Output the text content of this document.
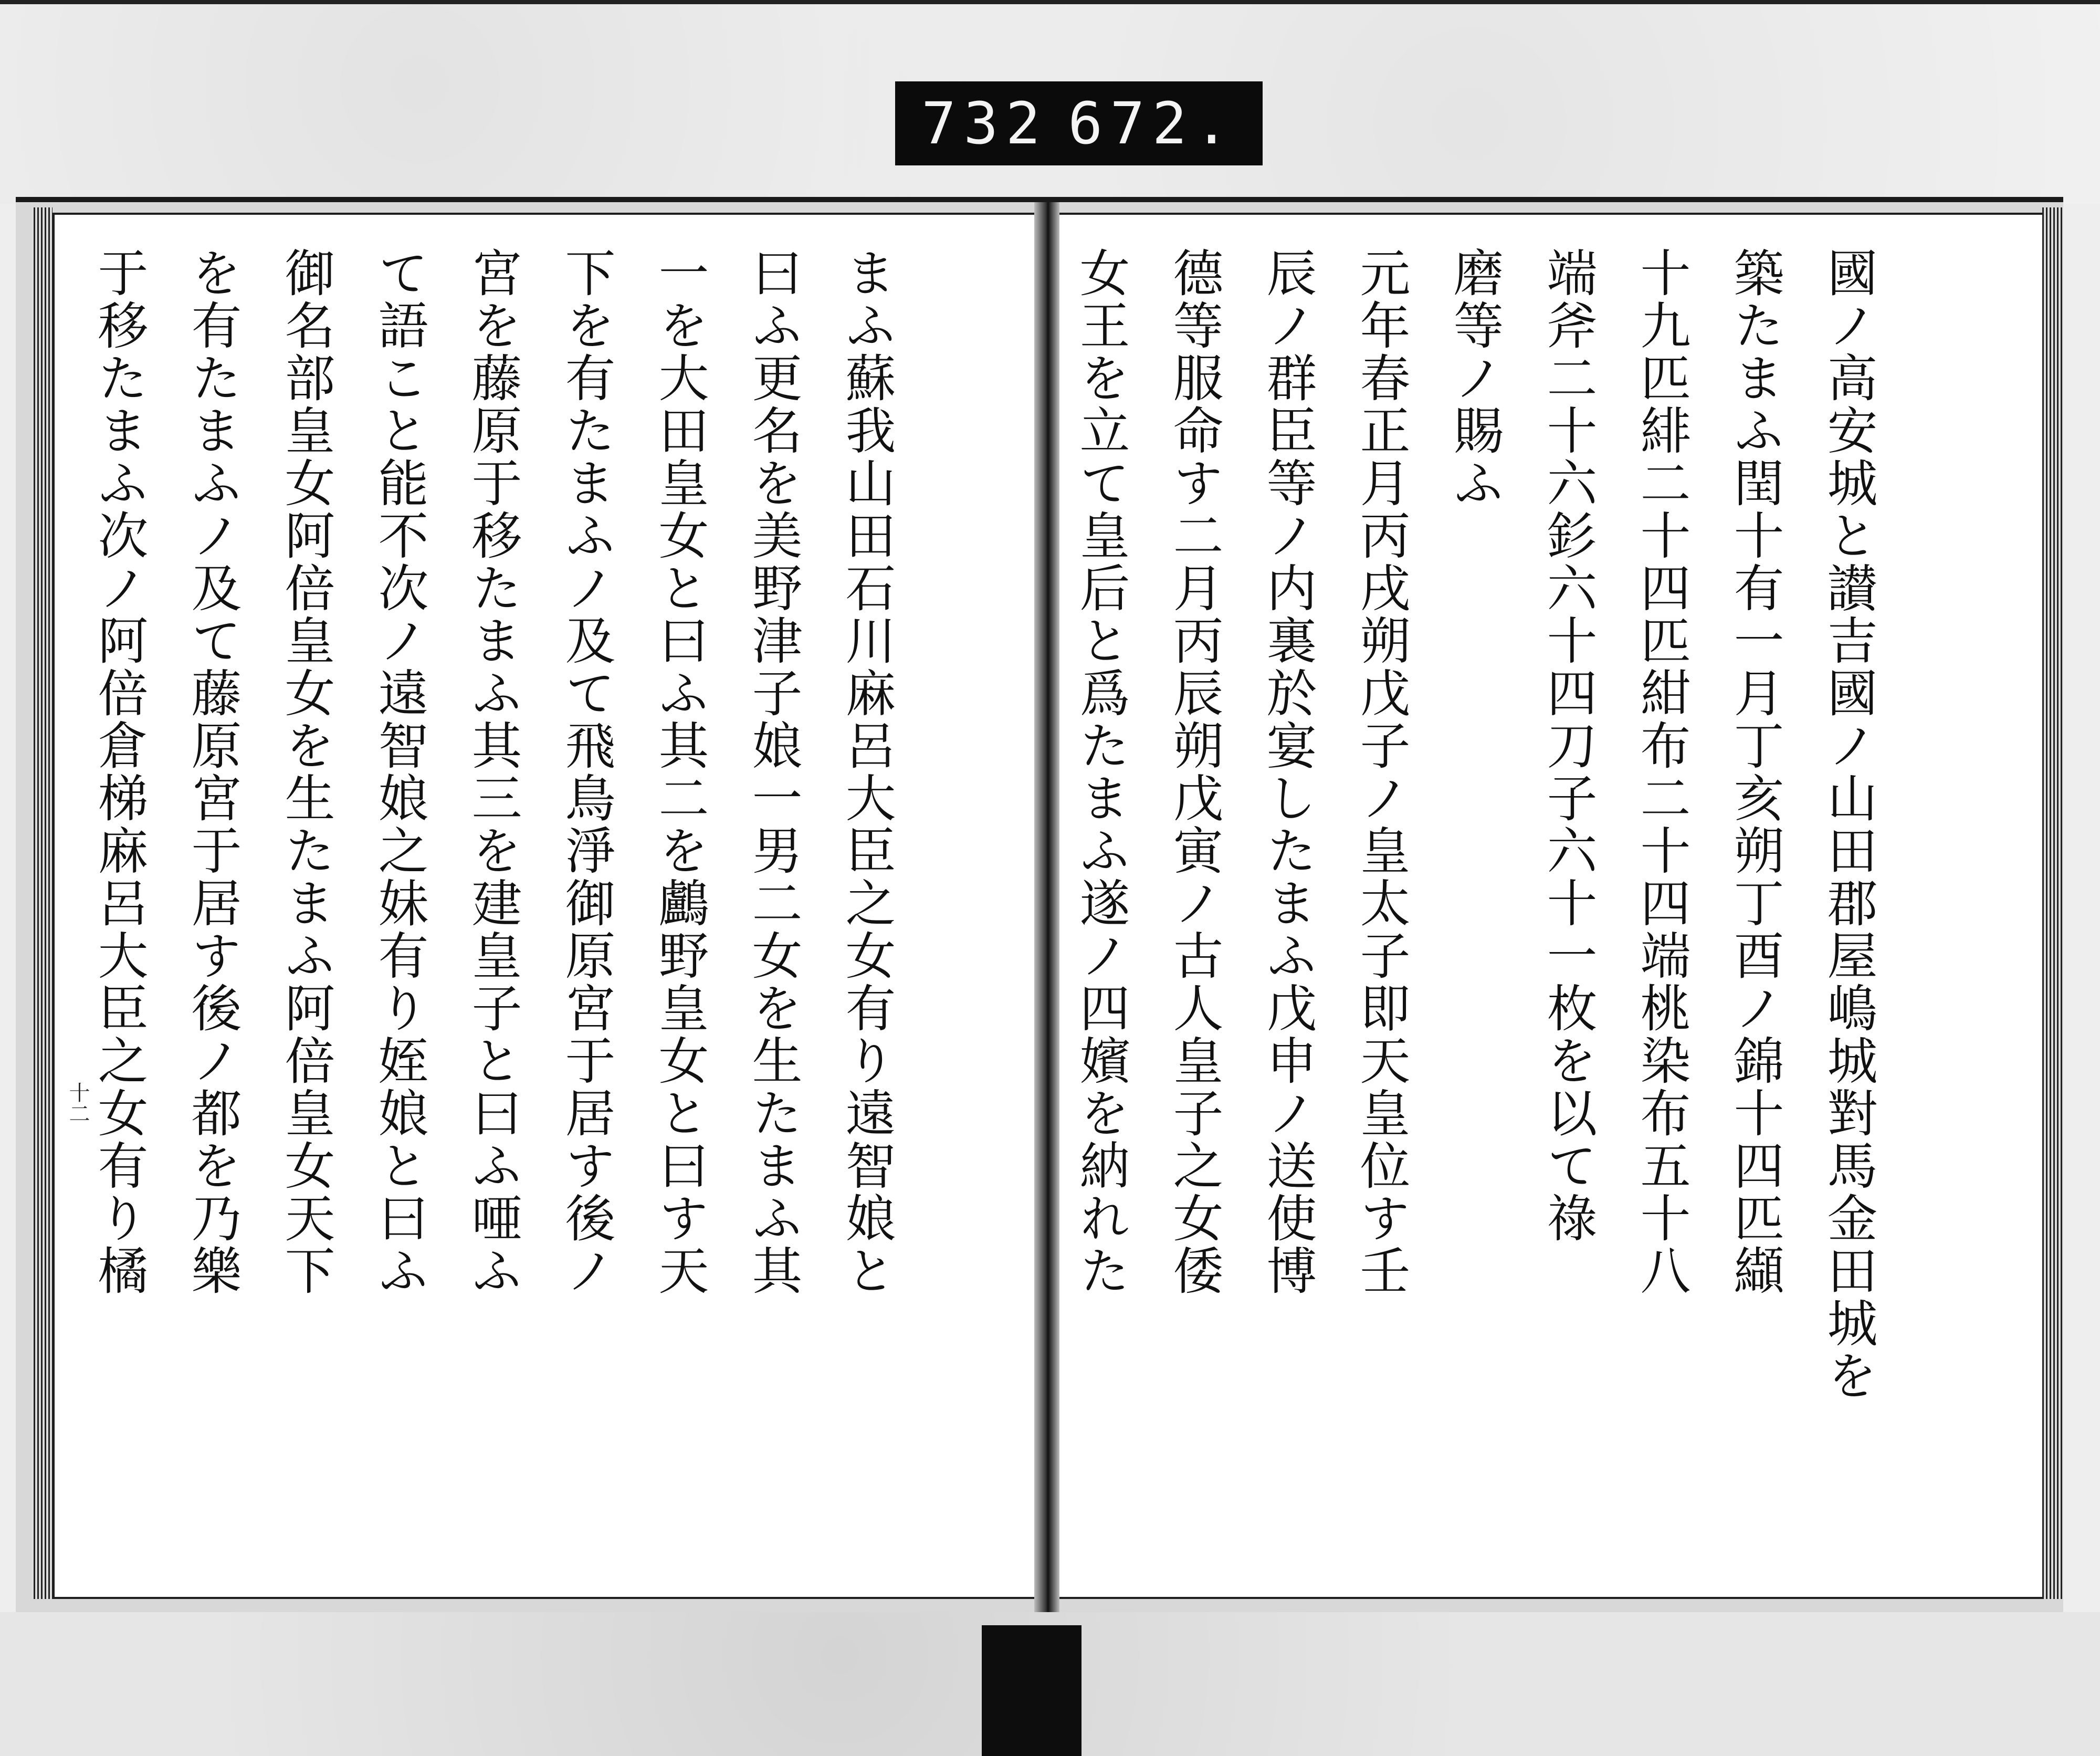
732 672.
國ノ高安城と讃吉國ノ山田郡屋嶋城對馬金田城を
築たまふ閏十有一月丁亥朔丁酉ノ錦十四匹纈
十九匹緋二十四匹紺布二十四端桃染布五十八
端斧二十六釤六十四刀子六十一枚を以て祿
磨等ノ賜ふ
元年春正月丙戌朔戊子ノ皇太子即天皇位す壬
辰ノ群臣等ノ内裏於宴したまふ戊申ノ送使博
德等服命す二月丙辰朔戊寅ノ古人皇子之女倭
女王を立て皇后と爲たまふ遂ノ四嬪を納れた
まふ蘇我山田石川麻呂大臣之女有り遠智娘と
曰ふ更名を美野津子娘一男二女を生たまふ其
一を大田皇女と曰ふ其二を鸕野皇女と曰す天
下を有たまふノ及て飛鳥淨御原宮于居す後ノ
宮を藤原于移たまふ其三を建皇子と曰ふ唖ふ
て語こと能不次ノ遠智娘之妹有り姪娘と曰ふ
御名部皇女阿倍皇女を生たまふ阿倍皇女天下
を有たまふノ及て藤原宮于居す後ノ都を乃樂
于移たまふ次ノ阿倍倉梯麻呂大臣之女有り橘
十二
